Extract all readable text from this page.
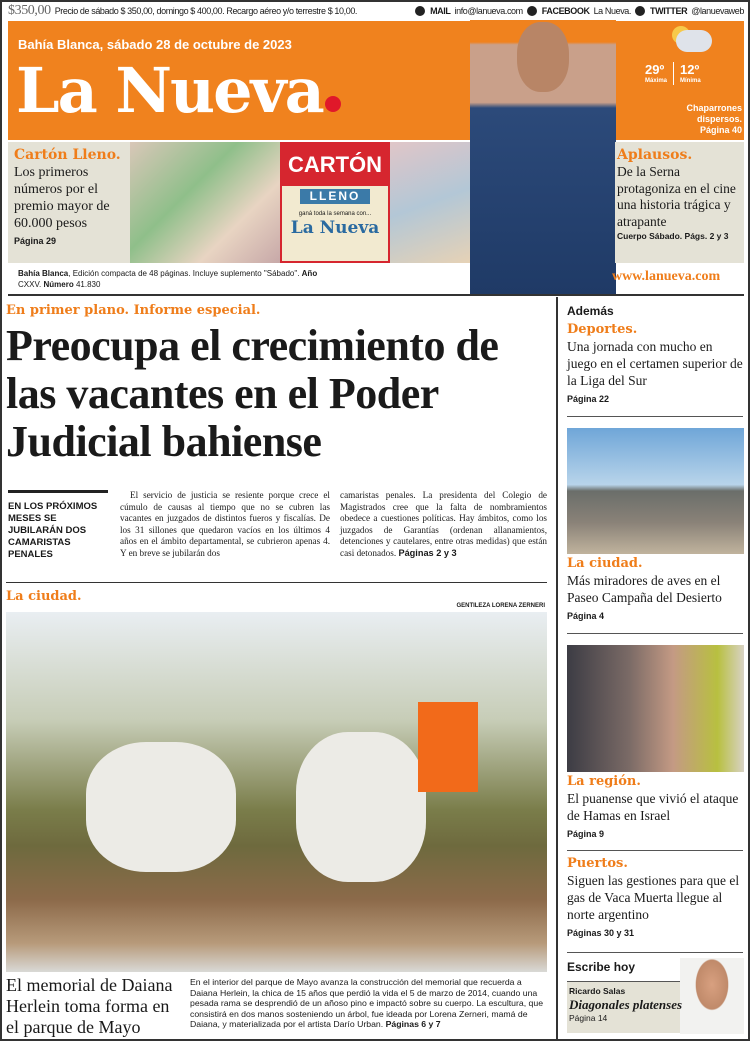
$350,00 Precio de sábado $ 350,00, domingo $ 400,00. Recargo aéreo y/o terrestre $ 10,00.	MAIL info@lanueva.com FACEBOOK La Nueva. TWITTER @lanuevaweb
Bahía Blanca, sábado 28 de octubre de 2023
La Nueva	29º
Máxima
12º
Mínima
Chaparrones dispersos.
Página 40
Cartón Lleno.
Los primeros números por el premio mayor de 60.000 pesos
Página 29
CARTÓN
LLENO
ganá toda la semana con...
La Nueva
Aplausos.
De la Serna protagoniza en el cine una historia trágica y atrapante
Cuerpo Sábado. Págs. 2 y 3
Bahía Blanca, Edición compacta de 48 páginas. Incluye suplemento "Sábado". Año CXXV. Número 41.830
www.lanueva.com
En primer plano. Informe especial.
Preocupa el crecimiento de las vacantes en el Poder Judicial bahiense
EN LOS PRÓXIMOS MESES SE JUBILARÁN DOS CAMARISTAS PENALES
El servicio de justicia se resiente porque crece el cúmulo de causas al tiempo que no se cubren las vacantes en juzgados de distintos fueros y fiscalías. De los 31 sillones que quedaron vacíos en los últimos 4 años en el ámbito departamental, se cubrieron apenas 4. Y en breve se jubilarán dos
camaristas penales. La presidenta del Colegio de Magistrados cree que la falta de nombramientos obedece a cuestiones políticas. Hay ámbitos, como los juzgados de Garantías (ordenan allanamientos, detenciones y cautelares, entre otras medidas) que están casi detonados. Páginas 2 y 3
La ciudad.
GENTILEZA LORENA ZERNERI
El memorial de Daiana Herlein toma forma en el parque de Mayo
En el interior del parque de Mayo avanza la construcción del memorial que recuerda a Daiana Herlein, la chica de 15 años que perdió la vida el 5 de marzo de 2014, cuando una pesada rama se desprendió de un añoso pino e impactó sobre su cuerpo. La escultura, que consistirá en dos manos sosteniendo un árbol, fue ideada por Lorena Zerneri, mamá de Daiana, y materializada por el artista Darío Urban. Páginas 6 y 7
Además
Deportes.
Una jornada con mucho en juego en el certamen superior de la Liga del Sur
Página 22
La ciudad.
Más miradores de aves en el Paseo Campaña del Desierto
Página 4
La región.
El puanense que vivió el ataque de Hamas en Israel
Página 9
Puertos.
Siguen las gestiones para que el gas de Vaca Muerta llegue al norte argentino
Páginas 30 y 31
Escribe hoy
Ricardo Salas
Diagonales platenses
Página 14
